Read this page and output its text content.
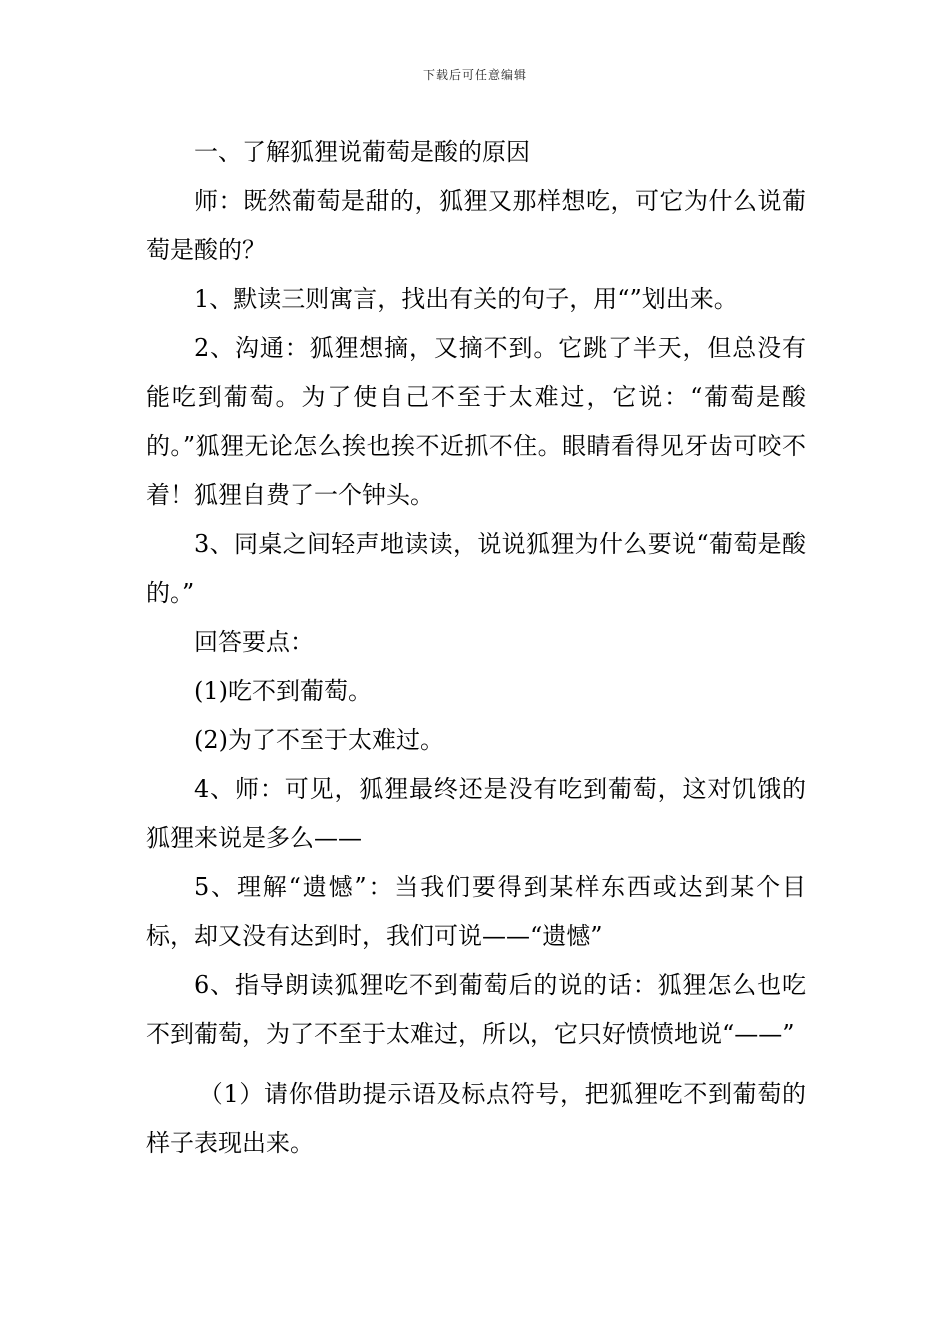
下载后可任意编辑

一、了解狐狸说葡萄是酸的原因

师：既然葡萄是甜的，狐狸又那样想吃，可它为什么说葡萄是酸的？

1、默读三则寓言，找出有关的句子，用“”划出来。

2、沟通：狐狸想摘，又摘不到。它跳了半天，但总没有能吃到葡萄。为了使自己不至于太难过，它说：“葡萄是酸的。”狐狸无论怎么挨也挨不近抓不住。眼睛看得见牙齿可咬不着！狐狸自费了一个钟头。

3、同桌之间轻声地读读，说说狐狸为什么要说“葡萄是酸的。”

回答要点：

(1)吃不到葡萄。

(2)为了不至于太难过。

4、师：可见，狐狸最终还是没有吃到葡萄，这对饥饿的狐狸来说是多么——

5、理解“遗憾”：当我们要得到某样东西或达到某个目标，却又没有达到时，我们可说——“遗憾”

6、指导朗读狐狸吃不到葡萄后的说的话：狐狸怎么也吃不到葡萄，为了不至于太难过，所以，它只好愤愤地说“——”

（1）请你借助提示语及标点符号，把狐狸吃不到葡萄的样子表现出来。
